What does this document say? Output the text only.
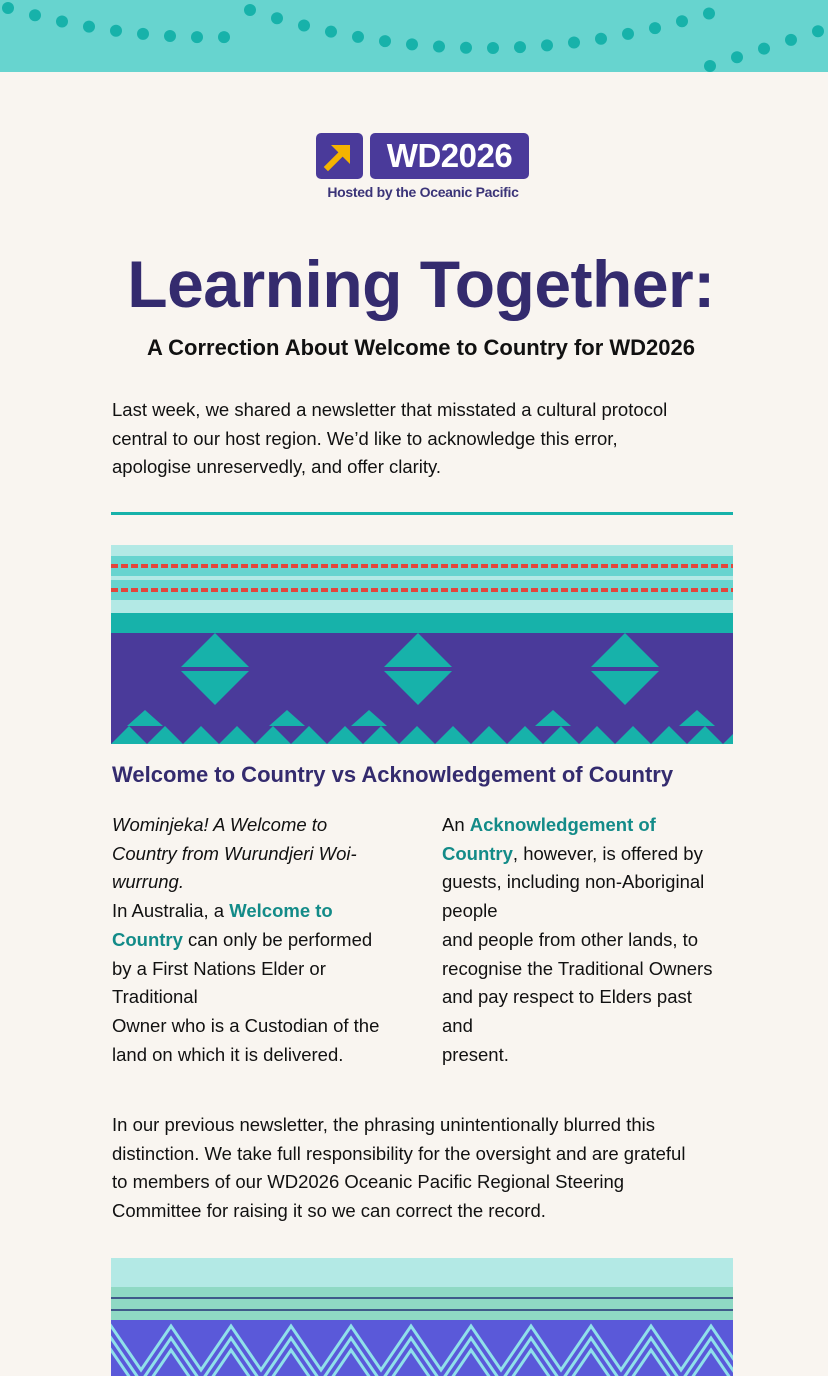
WD2026
Hosted by the Oceanic Pacific
Learning Together:
A Correction About Welcome to Country for WD2026
Last week, we shared a newsletter that misstated a cultural protocol
central to our host region. We’d like to acknowledge this error,
apologise unreservedly, and offer clarity.
Welcome to Country vs Acknowledgement of Country
Wominjeka! A Welcome to
Country from Wurundjeri Woi-
wurrung.
In Australia, a Welcome to
Country can only be performed
by a First Nations Elder or
Traditional
Owner who is a Custodian of the
land on which it is delivered.
An Acknowledgement of
Country, however, is offered by
guests, including non-Aboriginal
people
and people from other lands, to
recognise the Traditional Owners
and pay respect to Elders past
and
present.
In our previous newsletter, the phrasing unintentionally blurred this
distinction. We take full responsibility for the oversight and are grateful
to members of our WD2026 Oceanic Pacific Regional Steering
Committee for raising it so we can correct the record.
